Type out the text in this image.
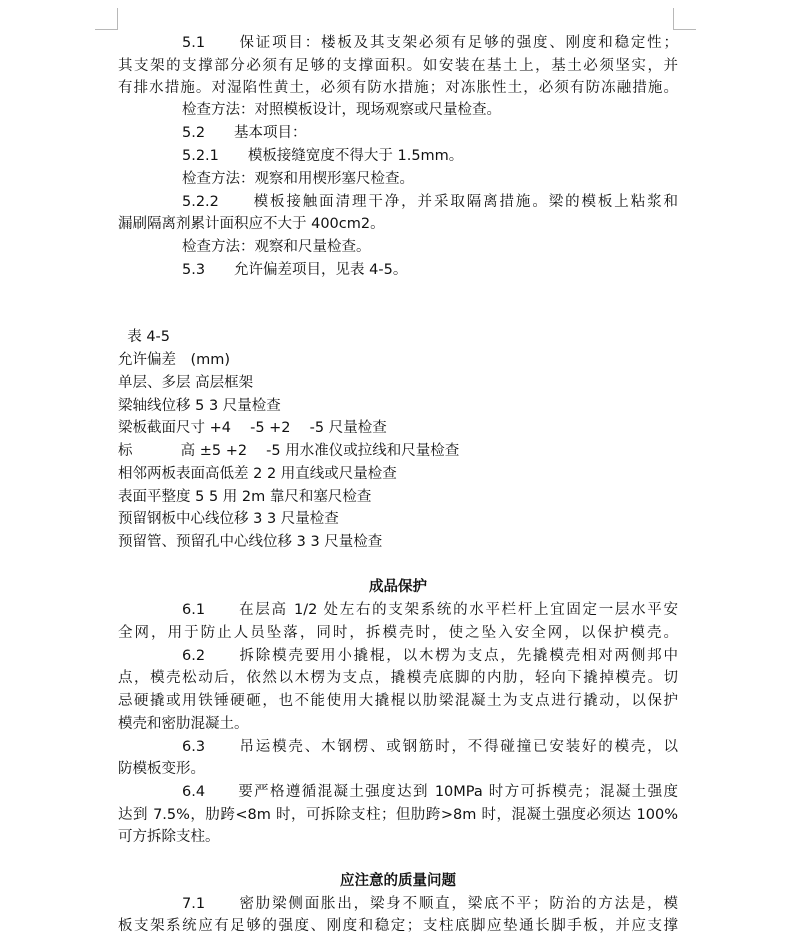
5.1　　保证项目：楼板及其支架必须有足够的强度、刚度和稳定性；
其支架的支撑部分必须有足够的支撑面积。如安装在基土上，基土必须坚实，并
有排水措施。对湿陷性黄土，必须有防水措施；对冻胀性土，必须有防冻融措施。
检查方法：对照模板设计，现场观察或尺量检查。
5.2　　基本项目：
5.2.1　　模板接缝宽度不得大于 1.5mm。
检查方法：观察和用楔形塞尺检查。
5.2.2　　模板接触面清理干净，并采取隔离措施。梁的模板上粘浆和
漏刷隔离剂累计面积应不大于 400cm2。
检查方法：观察和尺量检查。
5.3　　允许偏差项目，见表 4-5。
表 4-5
允许偏差　(mm)
单层、多层 高层框架
梁轴线位移 5 3 尺量检查
梁板截面尺寸 +4　 -5 +2　 -5 尺量检查
标　　　 高 ±5 +2　 -5 用水准仪或拉线和尺量检查
相邻两板表面高低差 2 2 用直线或尺量检查
表面平整度 5 5 用 2m 靠尺和塞尺检查
预留钢板中心线位移 3 3 尺量检查
预留管、预留孔中心线位移 3 3 尺量检查
成品保护
6.1　　在层高 1/2 处左右的支架系统的水平栏杆上宜固定一层水平安
全网，用于防止人员坠落，同时，拆模壳时，使之坠入安全网，以保护模壳。
6.2　　拆除模壳要用小撬棍，以木楞为支点，先撬模壳相对两侧邦中
点，模壳松动后，依然以木楞为支点，撬模壳底脚的内肋，轻向下撬掉模壳。切
忌硬撬或用铁锤硬砸，也不能使用大撬棍以肋梁混凝土为支点进行撬动，以保护
模壳和密肋混凝土。
6.3　　吊运模壳、木钢楞、或钢筋时，不得碰撞已安装好的模壳，以
防模板变形。
6.4　　要严格遵循混凝土强度达到 10MPa 时方可拆模壳；混凝土强度
达到 7.5%，肋跨<8m 时，可拆除支柱；但肋跨>8m 时，混凝土强度必须达 100%
可方拆除支柱。
应注意的质量问题
7.1　　密肋梁侧面胀出，梁身不顺直，梁底不平；防治的方法是，模
板支架系统应有足够的强度、刚度和稳定；支柱底脚应垫通长脚手板，并应支撑
